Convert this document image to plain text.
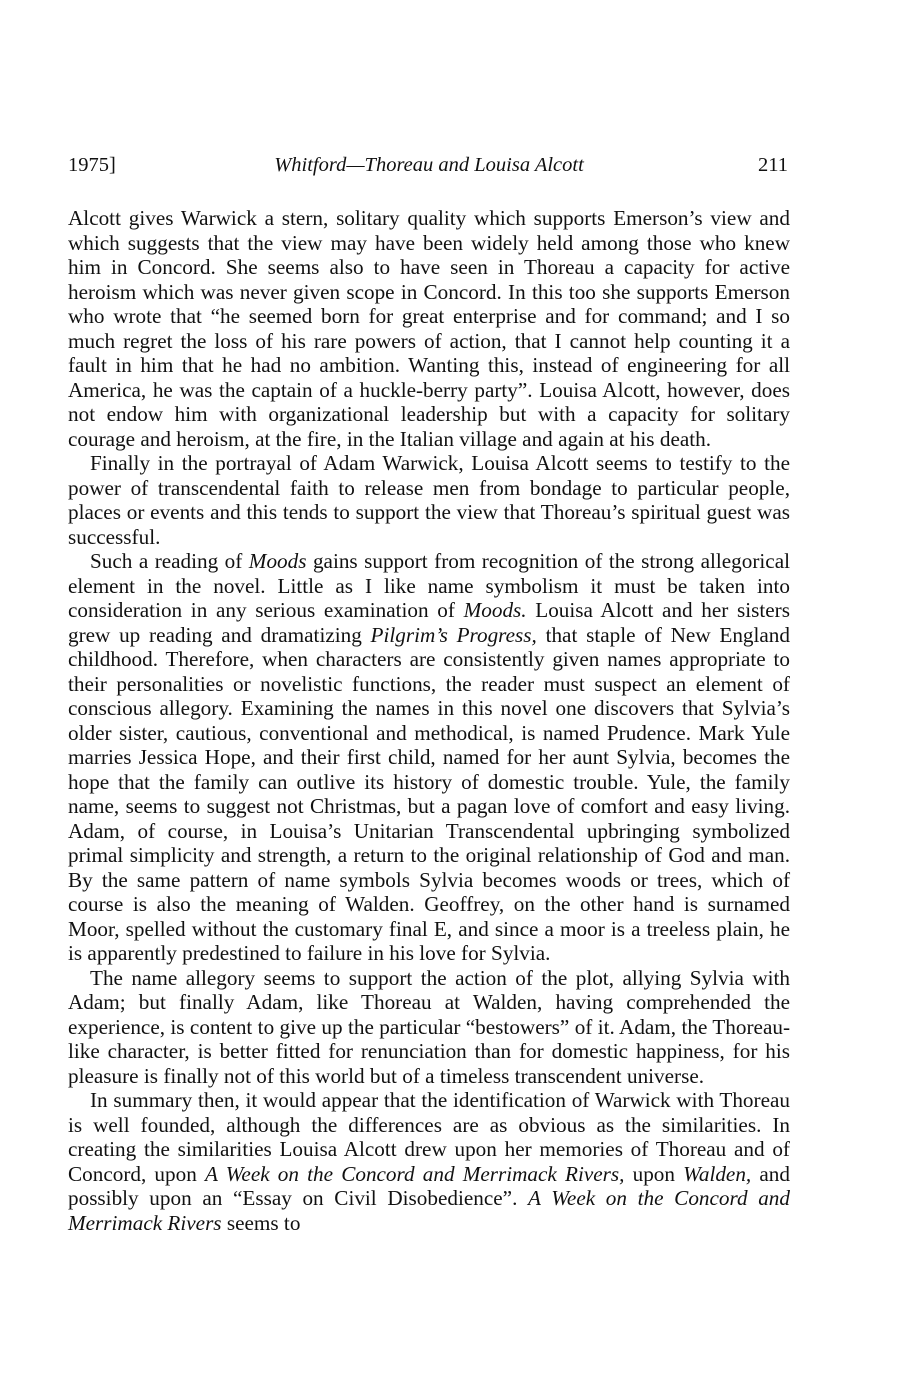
1975]	Whitford—Thoreau and Louisa Alcott	211

Alcott gives Warwick a stern, solitary quality which supports Emerson’s view and which suggests that the view may have been widely held among those who knew him in Concord. She seems also to have seen in Thoreau a capacity for active heroism which was never given scope in Concord. In this too she supports Emerson who wrote that “he seemed born for great enterprise and for command; and I so much regret the loss of his rare powers of action, that I cannot help counting it a fault in him that he had no ambition. Wanting this, instead of engineering for all America, he was the captain of a huckle-berry party”. Louisa Alcott, however, does not endow him with organizational leadership but with a capacity for solitary courage and heroism, at the fire, in the Italian village and again at his death.

Finally in the portrayal of Adam Warwick, Louisa Alcott seems to testify to the power of transcendental faith to release men from bondage to particular people, places or events and this tends to support the view that Thoreau’s spiritual guest was successful.

Such a reading of Moods gains support from recognition of the strong allegorical element in the novel. Little as I like name symbolism it must be taken into consideration in any serious examination of Moods. Louisa Alcott and her sisters grew up reading and dramatizing Pilgrim’s Progress, that staple of New England childhood. Therefore, when characters are consistently given names appropriate to their personalities or novelistic functions, the reader must suspect an element of conscious allegory. Examining the names in this novel one discovers that Sylvia’s older sister, cautious, conventional and methodical, is named Prudence. Mark Yule marries Jessica Hope, and their first child, named for her aunt Sylvia, becomes the hope that the family can outlive its history of domestic trouble. Yule, the family name, seems to suggest not Christmas, but a pagan love of comfort and easy living. Adam, of course, in Louisa’s Unitarian Transcendental upbringing symbolized primal simplicity and strength, a return to the original relationship of God and man. By the same pattern of name symbols Sylvia becomes woods or trees, which of course is also the meaning of Walden. Geoffrey, on the other hand is surnamed Moor, spelled without the customary final E, and since a moor is a treeless plain, he is apparently predestined to failure in his love for Sylvia.

The name allegory seems to support the action of the plot, allying Sylvia with Adam; but finally Adam, like Thoreau at Walden, having comprehended the experience, is content to give up the particular “bestowers” of it. Adam, the Thoreau-like character, is better fitted for renunciation than for domestic happiness, for his pleasure is finally not of this world but of a timeless transcendent universe.

In summary then, it would appear that the identification of Warwick with Thoreau is well founded, although the differences are as obvious as the similarities. In creating the similarities Louisa Alcott drew upon her memories of Thoreau and of Concord, upon A Week on the Concord and Merrimack Rivers, upon Walden, and possibly upon an “Essay on Civil Disobedience”. A Week on the Concord and Merrimack Rivers seems to
